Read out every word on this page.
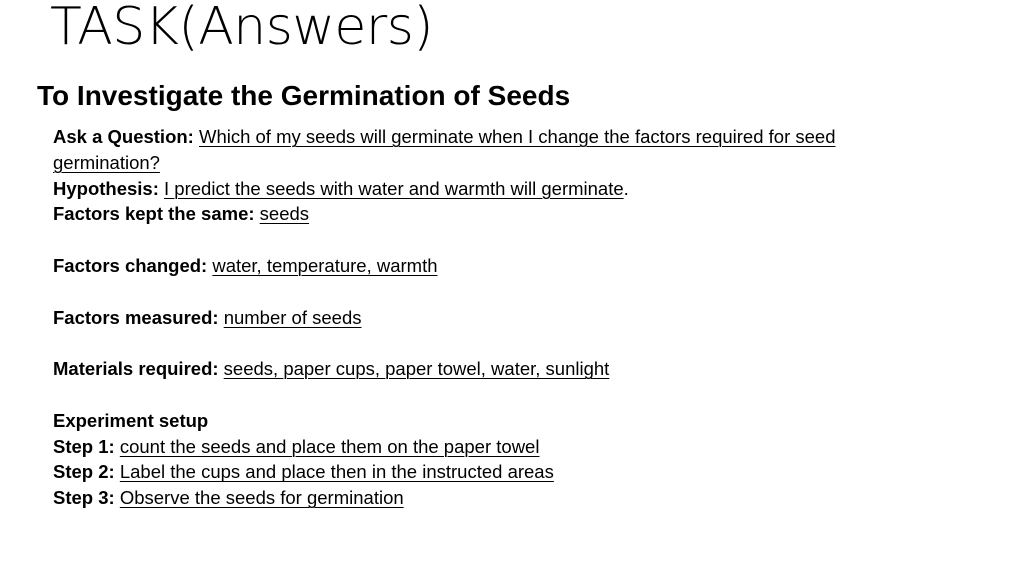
TASK(Answers)
To Investigate the Germination of Seeds

Ask a Question: Which of my seeds will germinate when I change the factors required for seed germination?

Hypothesis: I predict the seeds with water and warmth will germinate.

Factors kept the same: seeds

Factors changed: water, temperature, warmth

Factors measured: number of seeds

Materials required: seeds, paper cups, paper towel, water, sunlight

Experiment setup

Step 1: count the seeds and place them on the paper towel

Step 2: Label the cups and place then in the instructed areas

Step 3: Observe the seeds for germination
